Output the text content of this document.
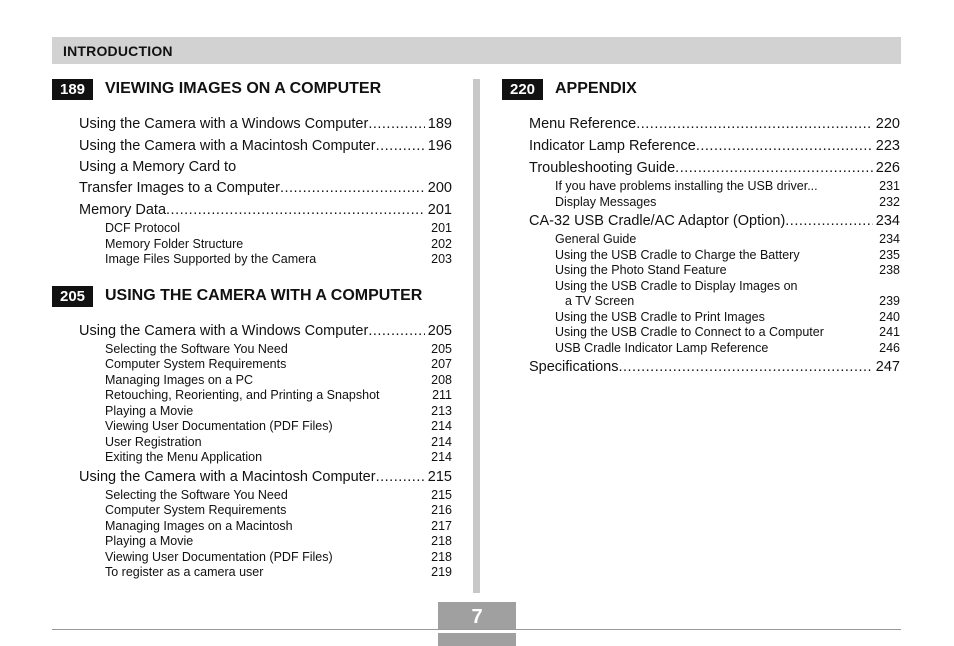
INTRODUCTION
189	VIEWING IMAGES ON A COMPUTER
Using the Camera with a Windows Computer .....	189
Using the Camera with a Macintosh Computer .....	196
Using a Memory Card to
Transfer Images to a Computer .....	200
Memory Data .....	201
DCF Protocol	201
Memory Folder Structure	202
Image Files Supported by the Camera	203
205	USING THE CAMERA WITH A COMPUTER
Using the Camera with a Windows Computer .....	205
Selecting the Software You Need	205
Computer System Requirements	207
Managing Images on a PC	208
Retouching, Reorienting, and Printing a Snapshot	211
Playing a Movie	213
Viewing User Documentation (PDF Files)	214
User Registration	214
Exiting the Menu Application	214
Using the Camera with a Macintosh Computer .....	215
Selecting the Software You Need	215
Computer System Requirements	216
Managing Images on a Macintosh	217
Playing a Movie	218
Viewing User Documentation (PDF Files)	218
To register as a camera user	219
220	APPENDIX
Menu Reference .....	220
Indicator Lamp Reference .....	223
Troubleshooting Guide .....	226
If you have problems installing the USB driver...	231
Display Messages	232
CA-32 USB Cradle/AC Adaptor (Option) .....	234
General Guide	234
Using the USB Cradle to Charge the Battery	235
Using the Photo Stand Feature	238
Using the USB Cradle to Display Images on
a TV Screen	239
Using the USB Cradle to Print Images	240
Using the USB Cradle to Connect to a Computer	241
USB Cradle Indicator Lamp Reference	246
Specifications .....	247
7
